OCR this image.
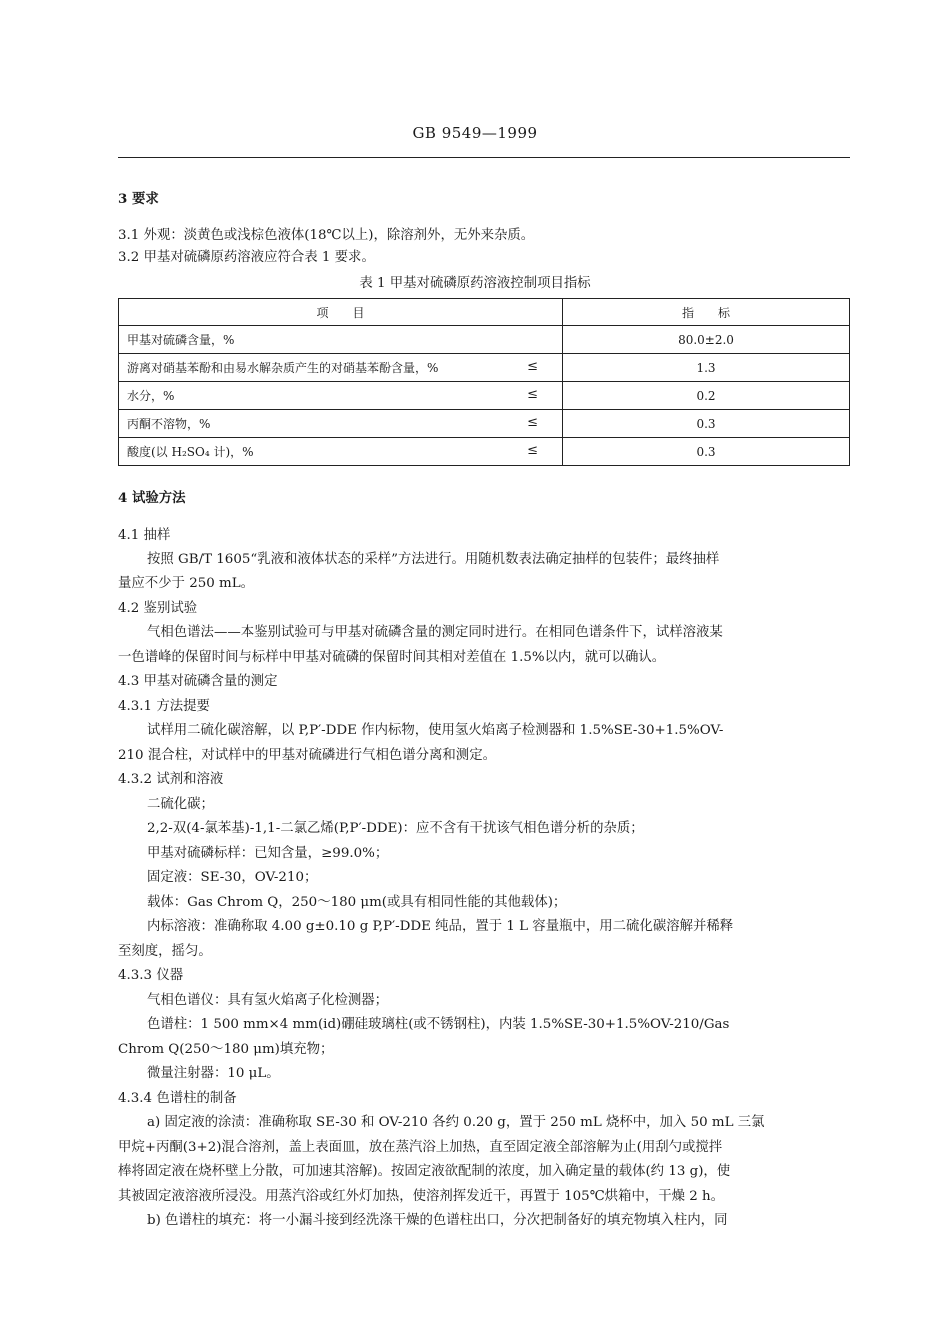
GB 9549—1999
3 要求
3.1 外观：淡黄色或浅棕色液体(18℃以上)，除溶剂外，无外来杂质。
3.2 甲基对硫磷原药溶液应符合表 1 要求。
表 1 甲基对硫磷原药溶液控制项目指标
项　　目	指　　标
甲基对硫磷含量，%	80.0±2.0
游离对硝基苯酚和由易水解杂质产生的对硝基苯酚含量，% ≤	1.3
水分，% ≤	0.2
丙酮不溶物，% ≤	0.3
酸度(以 H₂SO₄ 计)，% ≤	0.3
4 试验方法
4.1 抽样
按照 GB/T 1605“乳液和液体状态的采样”方法进行。用随机数表法确定抽样的包装件；最终抽样
量应不少于 250 mL。
4.2 鉴别试验
气相色谱法——本鉴别试验可与甲基对硫磷含量的测定同时进行。在相同色谱条件下，试样溶液某
一色谱峰的保留时间与标样中甲基对硫磷的保留时间其相对差值在 1.5%以内，就可以确认。
4.3 甲基对硫磷含量的测定
4.3.1 方法提要
试样用二硫化碳溶解，以 P,P′-DDE 作内标物，使用氢火焰离子检测器和 1.5%SE-30+1.5%OV-
210 混合柱，对试样中的甲基对硫磷进行气相色谱分离和测定。
4.3.2 试剂和溶液
二硫化碳；
2,2-双(4-氯苯基)-1,1-二氯乙烯(P,P′-DDE)：应不含有干扰该气相色谱分析的杂质；
甲基对硫磷标样：已知含量，≥99.0%；
固定液：SE-30，OV-210；
载体：Gas Chrom Q，250～180 μm(或具有相同性能的其他载体)；
内标溶液：准确称取 4.00 g±0.10 g P,P′-DDE 纯品，置于 1 L 容量瓶中，用二硫化碳溶解并稀释
至刻度，摇匀。
4.3.3 仪器
气相色谱仪：具有氢火焰离子化检测器；
色谱柱：1 500 mm×4 mm(id)硼硅玻璃柱(或不锈钢柱)，内装 1.5%SE-30+1.5%OV-210/Gas
Chrom Q(250～180 μm)填充物；
微量注射器：10 μL。
4.3.4 色谱柱的制备
a) 固定液的涂渍：准确称取 SE-30 和 OV-210 各约 0.20 g，置于 250 mL 烧杯中，加入 50 mL 三氯
甲烷+丙酮(3+2)混合溶剂，盖上表面皿，放在蒸汽浴上加热，直至固定液全部溶解为止(用刮勺或搅拌
棒将固定液在烧杯壁上分散，可加速其溶解)。按固定液欲配制的浓度，加入确定量的载体(约 13 g)，使
其被固定液溶液所浸没。用蒸汽浴或红外灯加热，使溶剂挥发近干，再置于 105℃烘箱中，干燥 2 h。
b) 色谱柱的填充：将一小漏斗接到经洗涤干燥的色谱柱出口，分次把制备好的填充物填入柱内，同
